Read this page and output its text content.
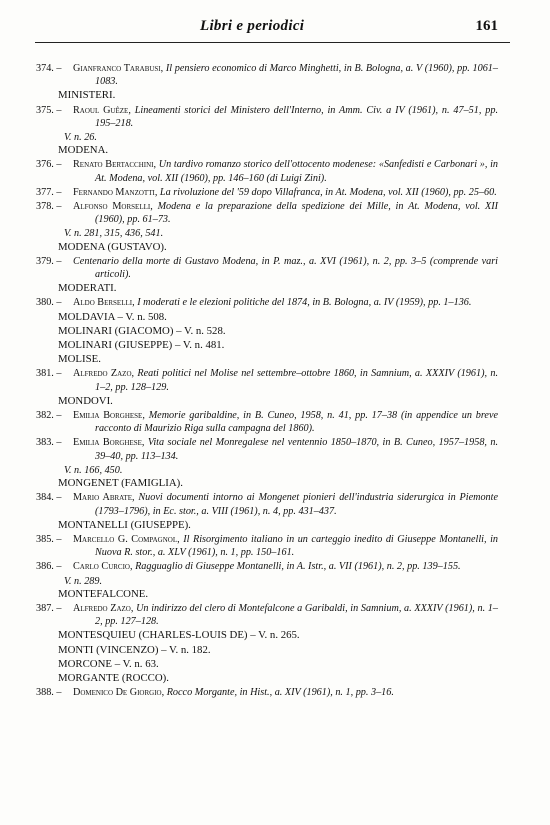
Libri e periodici	161
374. – Gianfranco Tarabusi, Il pensiero economico di Marco Minghetti, in B. Bologna, a. V (1960), pp. 1061–1083.
MINISTERI.
375. – Raoul Guêze, Lineamenti storici del Ministero dell'Interno, in Amm. Civ. a IV (1961), n. 47–51, pp. 195–218.
V. n. 26.
MODENA.
376. – Renato Bertacchini, Un tardivo romanzo storico dell'ottocento modenese: «Sanfedisti e Carbonari », in At. Modena, vol. XII (1960), pp. 146–160 (di Luigi Zini).
377. – Fernando Manzotti, La rivoluzione del '59 dopo Villafranca, in At. Modena, vol. XII (1960), pp. 25–60.
378. – Alfonso Morselli, Modena e la preparazione della spedizione dei Mille, in At. Modena, vol. XII (1960), pp. 61–73.
V. n. 281, 315, 436, 541.
MODENA (GUSTAVO).
379. – Centenario della morte di Gustavo Modena, in P. maz., a. XVI (1961), n. 2, pp. 3–5 (comprende vari articoli).
MODERATI.
380. – Aldo Berselli, I moderati e le elezioni politiche del 1874, in B. Bologna, a. IV (1959), pp. 1–136.
MOLDAVIA – V. n. 508.
MOLINARI (GIACOMO) – V. n. 528.
MOLINARI (GIUSEPPE) – V. n. 481.
MOLISE.
381. – Alfredo Zazo, Reati politici nel Molise nel settembre–ottobre 1860, in Samnium, a. XXXIV (1961), n. 1–2, pp. 128–129.
MONDOVI.
382. – Emilia Borghese, Memorie garibaldine, in B. Cuneo, 1958, n. 41, pp. 17–38 (in appendice un breve racconto di Maurizio Riga sulla campagna del 1860).
383. – Emilia Borghese, Vita sociale nel Monregalese nel ventennio 1850–1870, in B. Cuneo, 1957–1958, n. 39–40, pp. 113–134.
V. n. 166, 450.
MONGENET (FAMIGLIA).
384. – Mario Abrate, Nuovi documenti intorno ai Mongenet pionieri dell'industria siderurgica in Piemonte (1793–1796), in Ec. stor., a. VIII (1961), n. 4, pp. 431–437.
MONTANELLI (GIUSEPPE).
385. – Marcello G. Compagnol, Il Risorgimento italiano in un carteggio inedito di Giuseppe Montanelli, in Nuova R. stor., a. XLV (1961), n. 1, pp. 150–161.
386. – Carlo Curcio, Ragguaglio di Giuseppe Montanelli, in A. Istr., a. VII (1961), n. 2, pp. 139–155.
V. n. 289.
MONTEFALCONE.
387. – Alfredo Zazo, Un indirizzo del clero di Montefalcone a Garibaldi, in Samnium, a. XXXIV (1961), n. 1–2, pp. 127–128.
MONTESQUIEU (CHARLES-LOUIS DE) – V. n. 265.
MONTI (VINCENZO) – V. n. 182.
MORCONE – V. n. 63.
MORGANTE (ROCCO).
388. – Domenico De Giorgio, Rocco Morgante, in Hist., a. XIV (1961), n. 1, pp. 3–16.
